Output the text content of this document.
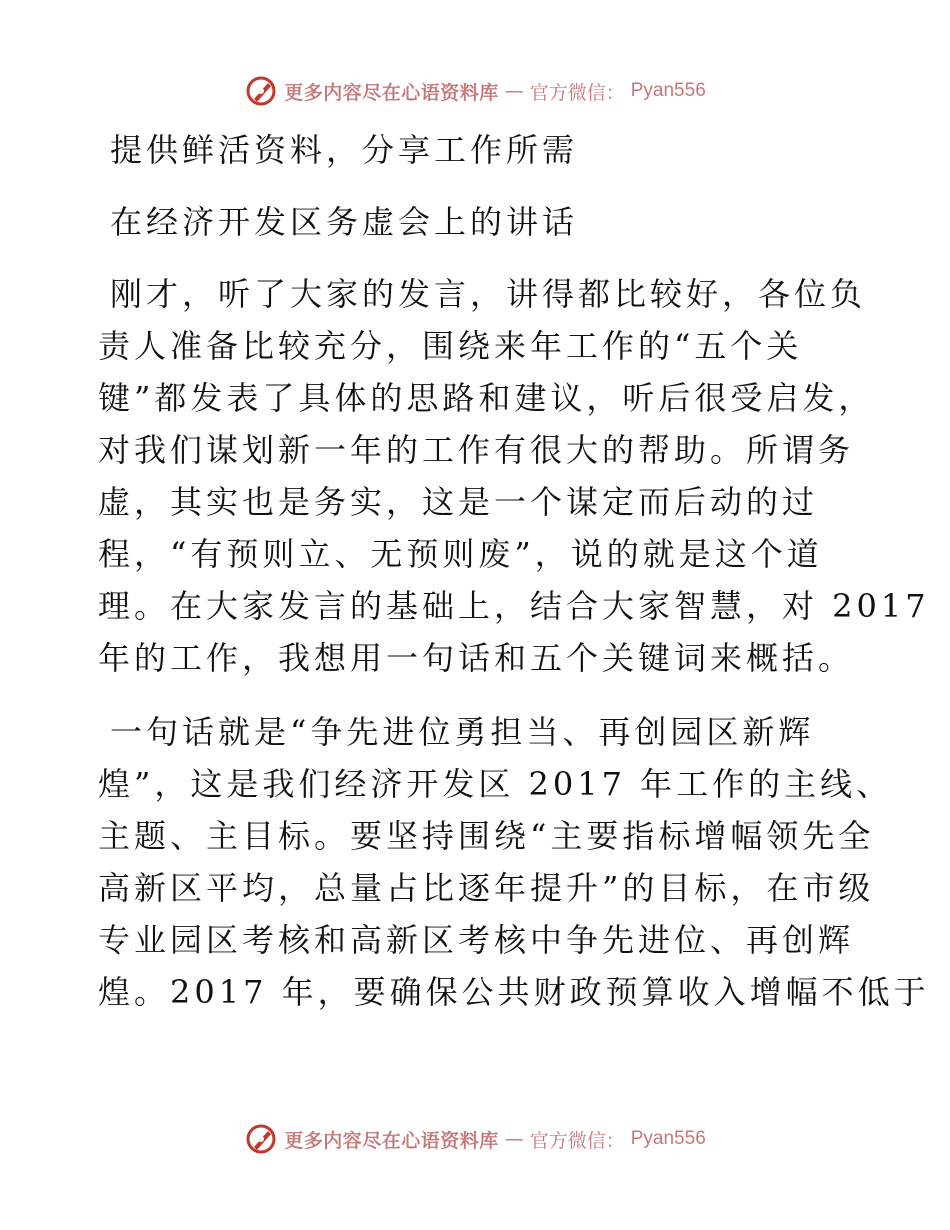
更多内容尽在心语资料库 — 官方微信： Pyan556
提供鲜活资料，分享工作所需
在经济开发区务虚会上的讲话
刚才，听了大家的发言，讲得都比较好，各位负
责人准备比较充分，围绕来年工作的“五个关
键”都发表了具体的思路和建议，听后很受启发，
对我们谋划新一年的工作有很大的帮助。所谓务
虚，其实也是务实，这是一个谋定而后动的过
程，“有预则立、无预则废”，说的就是这个道
理。在大家发言的基础上，结合大家智慧，对 2017
年的工作，我想用一句话和五个关键词来概括。
一句话就是“争先进位勇担当、再创园区新辉
煌”，这是我们经济开发区 2017 年工作的主线、
主题、主目标。要坚持围绕“主要指标增幅领先全
高新区平均，总量占比逐年提升”的目标，在市级
专业园区考核和高新区考核中争先进位、再创辉
煌。2017 年，要确保公共财政预算收入增幅不低于
更多内容尽在心语资料库 — 官方微信： Pyan556
